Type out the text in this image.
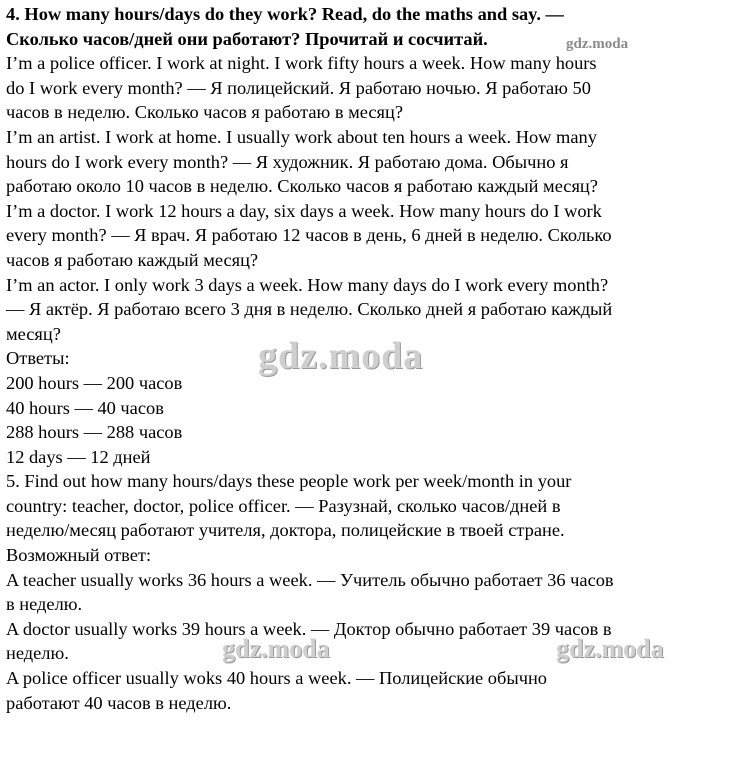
4. How many hours/days do they work? Read, do the maths and say. —
Сколько часов/дней они работают? Прочитай и сосчитай.
I’m a police officer. I work at night. I work fifty hours a week. How many hours
do I work every month? — Я полицейский. Я работаю ночью. Я работаю 50
часов в неделю. Сколько часов я работаю в месяц?
I’m an artist. I work at home. I usually work about ten hours a week. How many
hours do I work every month? — Я художник. Я работаю дома. Обычно я
работаю около 10 часов в неделю. Сколько часов я работаю каждый месяц?
I’m a doctor. I work 12 hours a day, six days a week. How many hours do I work
every month? — Я врач. Я работаю 12 часов в день, 6 дней в неделю. Сколько
часов я работаю каждый месяц?
I’m an actor. I only work 3 days a week. How many days do I work every month?
— Я актёр. Я работаю всего 3 дня в неделю. Сколько дней я работаю каждый
месяц?
Ответы:
200 hours — 200 часов
40 hours — 40 часов
288 hours — 288 часов
12 days — 12 дней
5. Find out how many hours/days these people work per week/month in your
country: teacher, doctor, police officer. — Разузнай, сколько часов/дней в
неделю/месяц работают учителя, доктора, полицейские в твоей стране.
Возможный ответ:
A teacher usually works 36 hours a week. — Учитель обычно работает 36 часов
в неделю.
A doctor usually works 39 hours a week. — Доктор обычно работает 39 часов в
неделю.
A police officer usually woks 40 hours a week. — Полицейские обычно
работают 40 часов в неделю.
gdz.moda
gdz.moda
gdz.moda	gdz.moda
